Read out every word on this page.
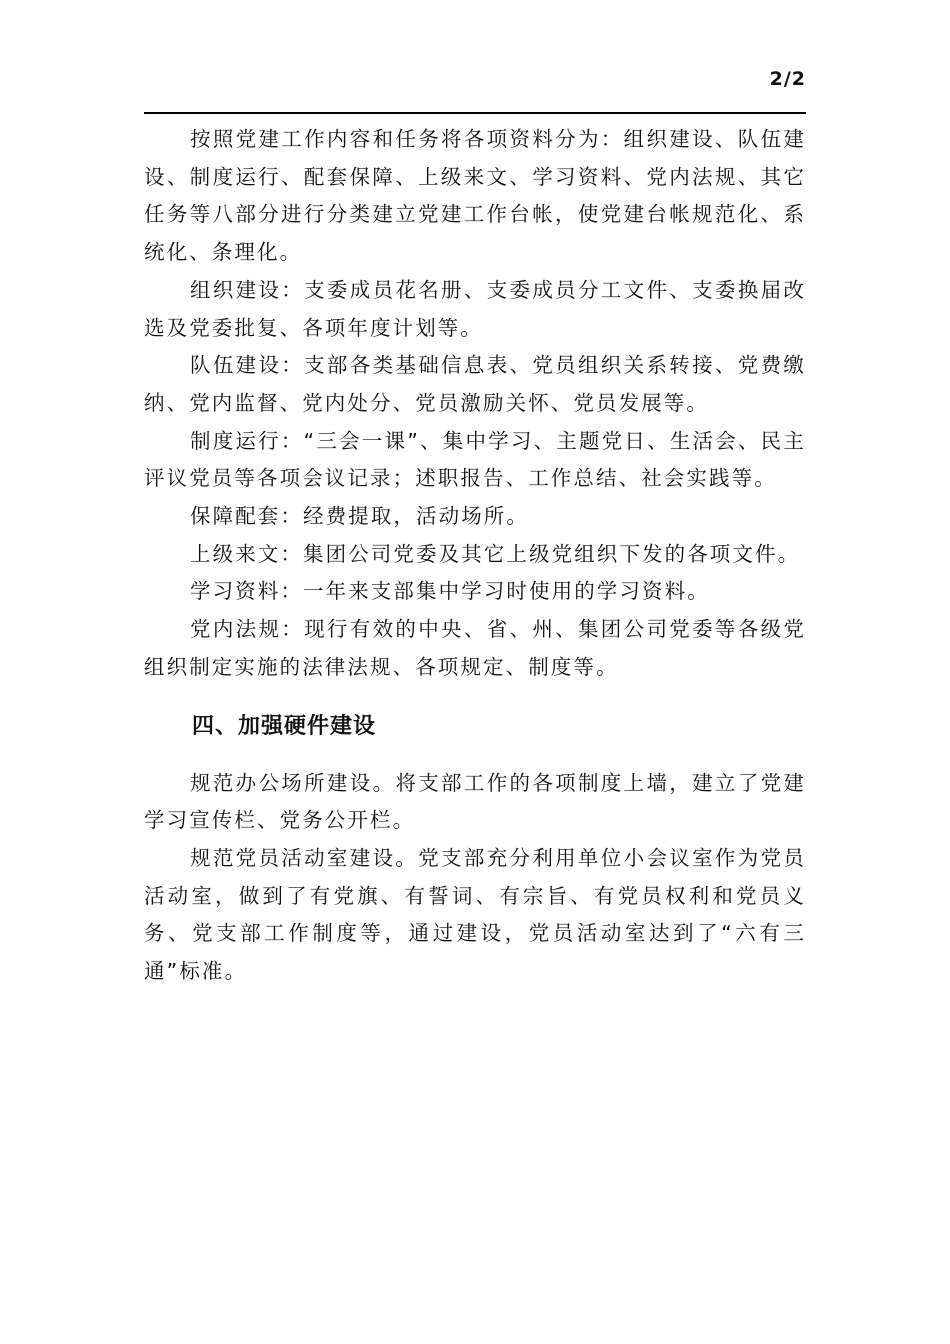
2/2

按照党建工作内容和任务将各项资料分为：组织建设、队伍建设、制度运行、配套保障、上级来文、学习资料、党内法规、其它任务等八部分进行分类建立党建工作台帐，使党建台帐规范化、系统化、条理化。

组织建设：支委成员花名册、支委成员分工文件、支委换届改选及党委批复、各项年度计划等。

队伍建设：支部各类基础信息表、党员组织关系转接、党费缴纳、党内监督、党内处分、党员激励关怀、党员发展等。

制度运行：“三会一课”、集中学习、主题党日、生活会、民主评议党员等各项会议记录；述职报告、工作总结、社会实践等。

保障配套：经费提取，活动场所。

上级来文：集团公司党委及其它上级党组织下发的各项文件。

学习资料：一年来支部集中学习时使用的学习资料。

党内法规：现行有效的中央、省、州、集团公司党委等各级党组织制定实施的法律法规、各项规定、制度等。

四、加强硬件建设

规范办公场所建设。将支部工作的各项制度上墙，建立了党建学习宣传栏、党务公开栏。

规范党员活动室建设。党支部充分利用单位小会议室作为党员活动室，做到了有党旗、有誓词、有宗旨、有党员权利和党员义务、党支部工作制度等，通过建设，党员活动室达到了“六有三通”标准。
